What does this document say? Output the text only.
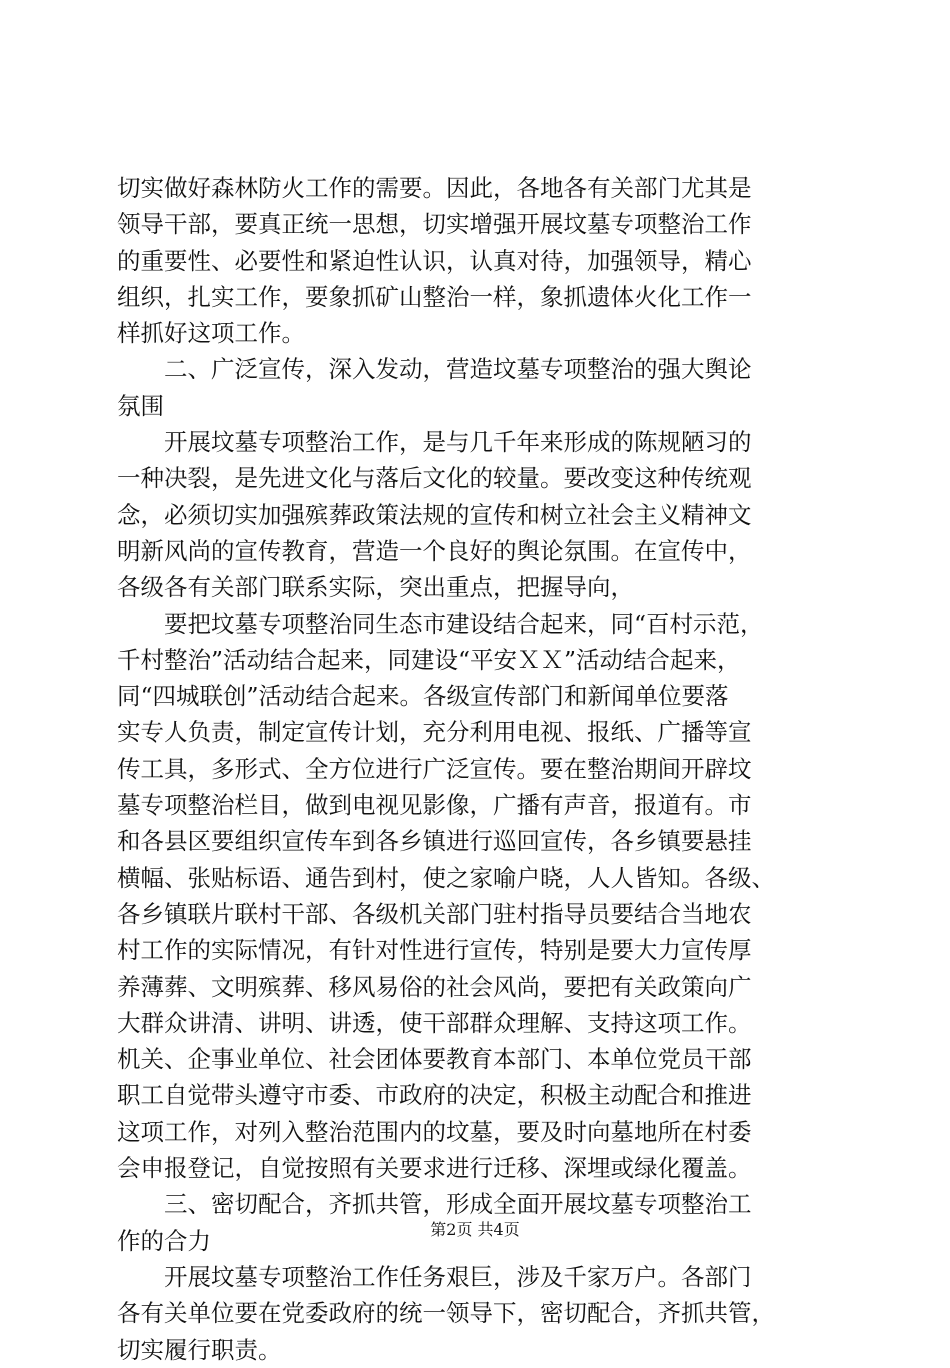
切实做好森林防火工作的需要。因此，各地各有关部门尤其是
领导干部，要真正统一思想，切实增强开展坟墓专项整治工作
的重要性、必要性和紧迫性认识，认真对待，加强领导，精心
组织，扎实工作，要象抓矿山整治一样，象抓遗体火化工作一
样抓好这项工作。
　　二、广泛宣传，深入发动，营造坟墓专项整治的强大舆论
氛围
　　开展坟墓专项整治工作，是与几千年来形成的陈规陋习的
一种决裂，是先进文化与落后文化的较量。要改变这种传统观
念，必须切实加强殡葬政策法规的宣传和树立社会主义精神文
明新风尚的宣传教育，营造一个良好的舆论氛围。在宣传中，
各级各有关部门联系实际，突出重点，把握导向，
　　要把坟墓专项整治同生态市建设结合起来，同“百村示范，
千村整治”活动结合起来，同建设“平安ＸＸ”活动结合起来，
同“四城联创”活动结合起来。各级宣传部门和新闻单位要落
实专人负责，制定宣传计划，充分利用电视、报纸、广播等宣
传工具，多形式、全方位进行广泛宣传。要在整治期间开辟坟
墓专项整治栏目，做到电视见影像，广播有声音，报道有。市
和各县区要组织宣传车到各乡镇进行巡回宣传，各乡镇要悬挂
横幅、张贴标语、通告到村，使之家喻户晓，人人皆知。各级、
各乡镇联片联村干部、各级机关部门驻村指导员要结合当地农
村工作的实际情况，有针对性进行宣传，特别是要大力宣传厚
养薄葬、文明殡葬、移风易俗的社会风尚，要把有关政策向广
大群众讲清、讲明、讲透，使干部群众理解、支持这项工作。
机关、企事业单位、社会团体要教育本部门、本单位党员干部
职工自觉带头遵守市委、市政府的决定，积极主动配合和推进
这项工作，对列入整治范围内的坟墓，要及时向墓地所在村委
会申报登记，自觉按照有关要求进行迁移、深埋或绿化覆盖。
　　三、密切配合，齐抓共管，形成全面开展坟墓专项整治工
作的合力
　　开展坟墓专项整治工作任务艰巨，涉及千家万户。各部门
各有关单位要在党委政府的统一领导下，密切配合，齐抓共管，
切实履行职责。
第2页 共4页
